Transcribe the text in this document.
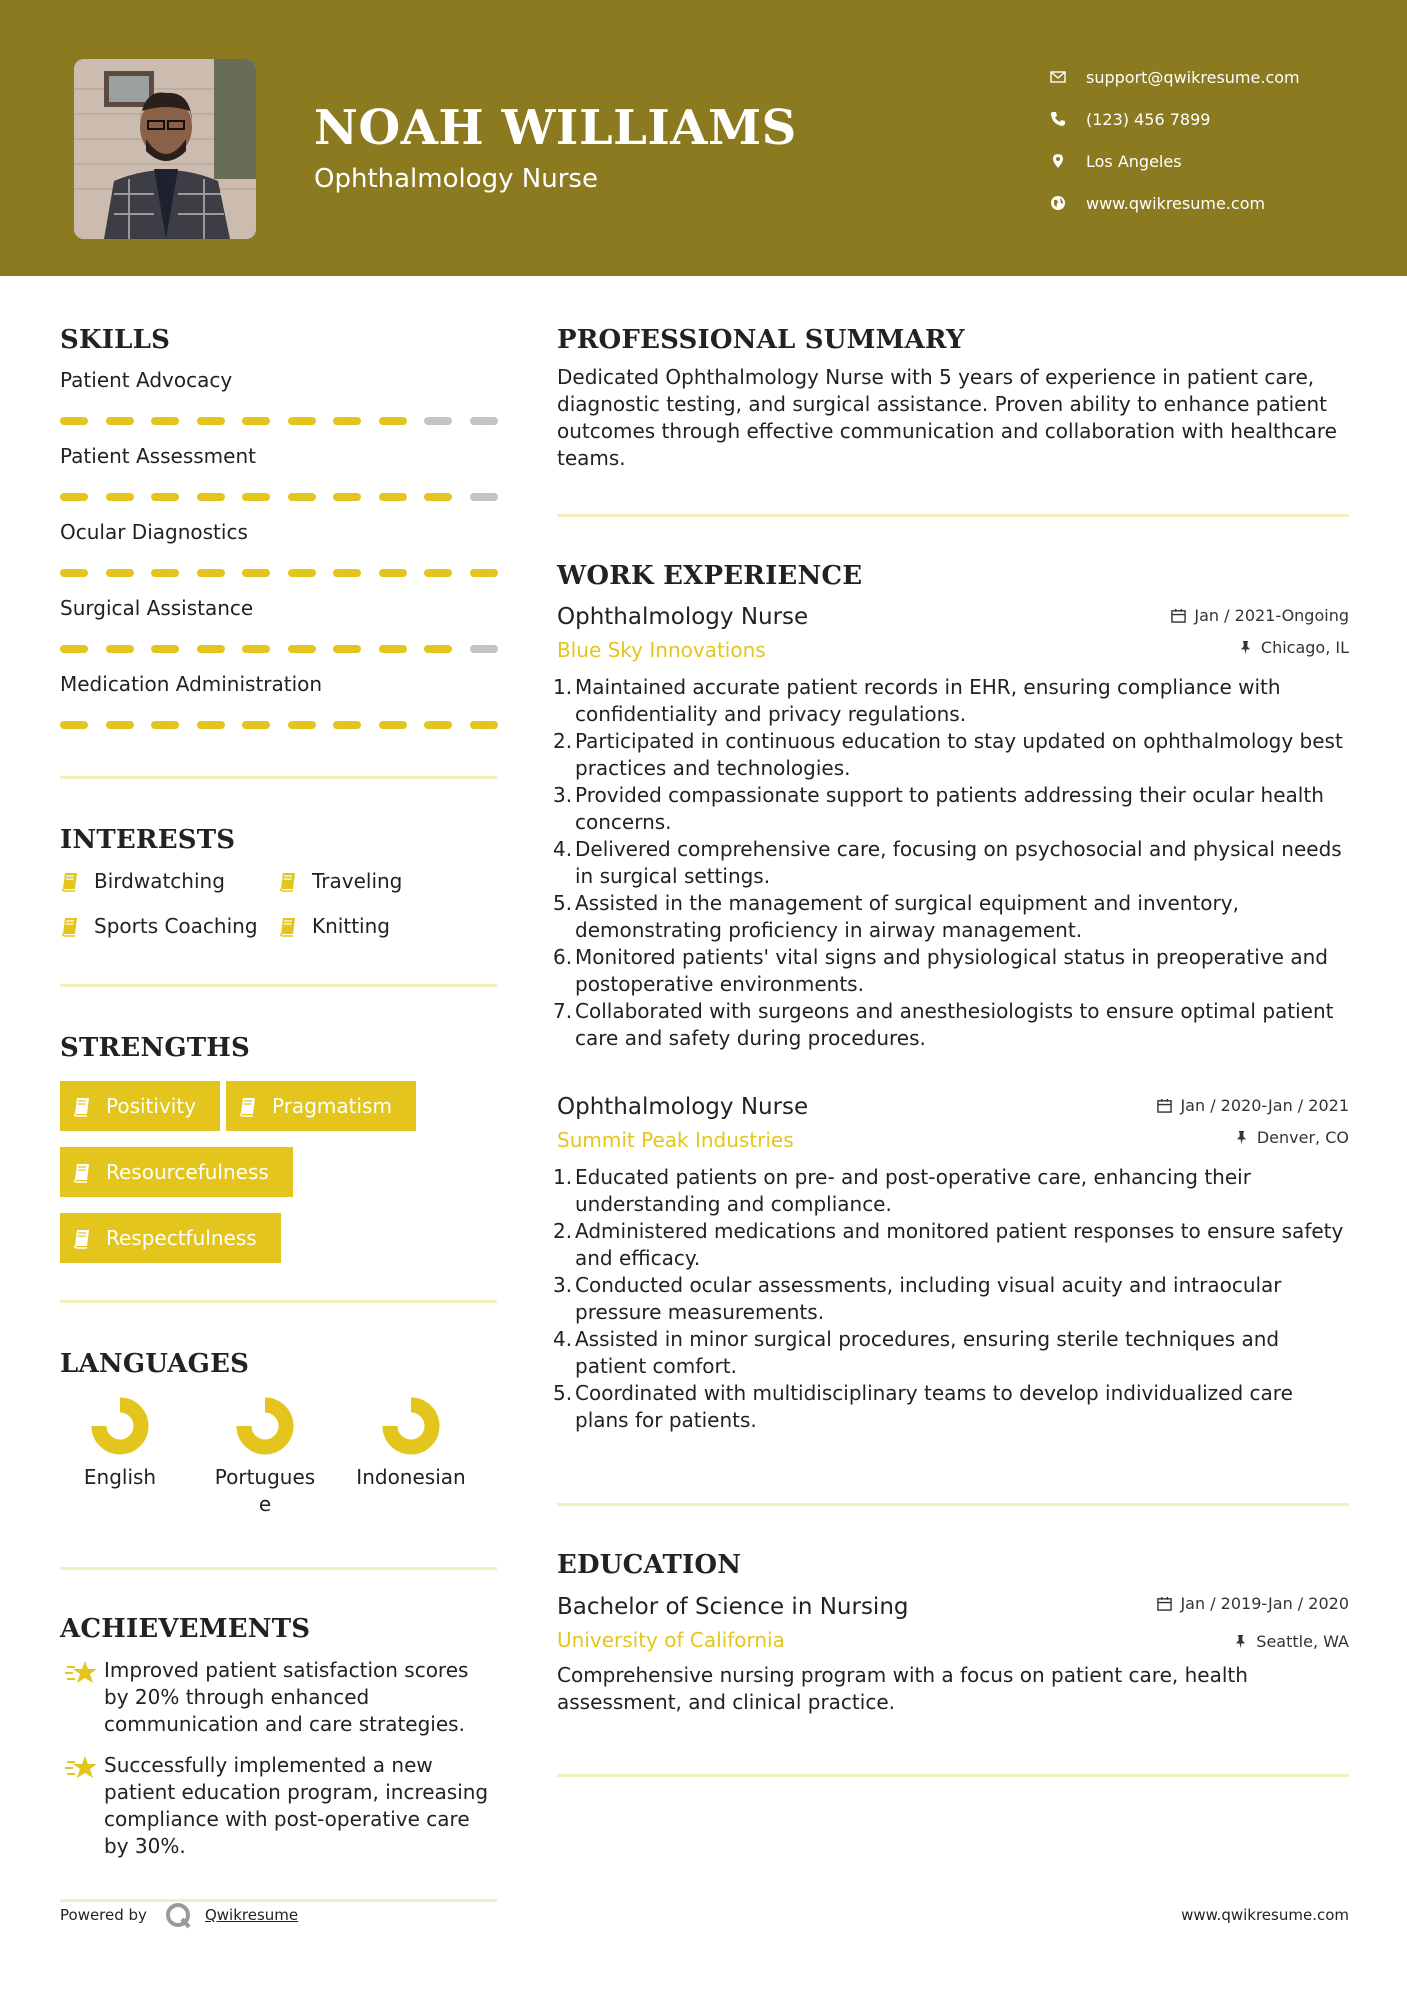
NOAH WILLIAMS
Ophthalmology Nurse
support@qwikresume.com
(123) 456 7899
Los Angeles
www.qwikresume.com
SKILLS
Patient Advocacy
Patient Assessment
Ocular Diagnostics
Surgical Assistance
Medication Administration
INTERESTS
Birdwatching	Traveling
Sports Coaching	Knitting
STRENGTHS
Positivity	Pragmatism
Resourcefulness
Respectfulness
LANGUAGES
English	Portugues
e
Indonesian
ACHIEVEMENTS
Improved patient satisfaction scores by 20% through enhanced communication and care strategies.
Successfully implemented a new patient education program, increasing compliance with post-operative care by 30%.
Powered by	Qwikresume	www.qwikresume.com
PROFESSIONAL SUMMARY
Dedicated Ophthalmology Nurse with 5 years of experience in patient care, diagnostic testing, and surgical assistance. Proven ability to enhance patient outcomes through effective communication and collaboration with healthcare teams.
WORK EXPERIENCE
Ophthalmology Nurse	Jan / 2021-Ongoing
Blue Sky Innovations	Chicago, IL
1. Maintained accurate patient records in EHR, ensuring compliance with confidentiality and privacy regulations.
2. Participated in continuous education to stay updated on ophthalmology best practices and technologies.
3. Provided compassionate support to patients addressing their ocular health concerns.
4. Delivered comprehensive care, focusing on psychosocial and physical needs in surgical settings.
5. Assisted in the management of surgical equipment and inventory, demonstrating proficiency in airway management.
6. Monitored patients' vital signs and physiological status in preoperative and postoperative environments.
7. Collaborated with surgeons and anesthesiologists to ensure optimal patient care and safety during procedures.
Ophthalmology Nurse	Jan / 2020-Jan / 2021
Summit Peak Industries	Denver, CO
1. Educated patients on pre- and post-operative care, enhancing their understanding and compliance.
2. Administered medications and monitored patient responses to ensure safety and efficacy.
3. Conducted ocular assessments, including visual acuity and intraocular pressure measurements.
4. Assisted in minor surgical procedures, ensuring sterile techniques and patient comfort.
5. Coordinated with multidisciplinary teams to develop individualized care plans for patients.
EDUCATION
Bachelor of Science in Nursing	Jan / 2019-Jan / 2020
University of California	Seattle, WA
Comprehensive nursing program with a focus on patient care, health assessment, and clinical practice.
